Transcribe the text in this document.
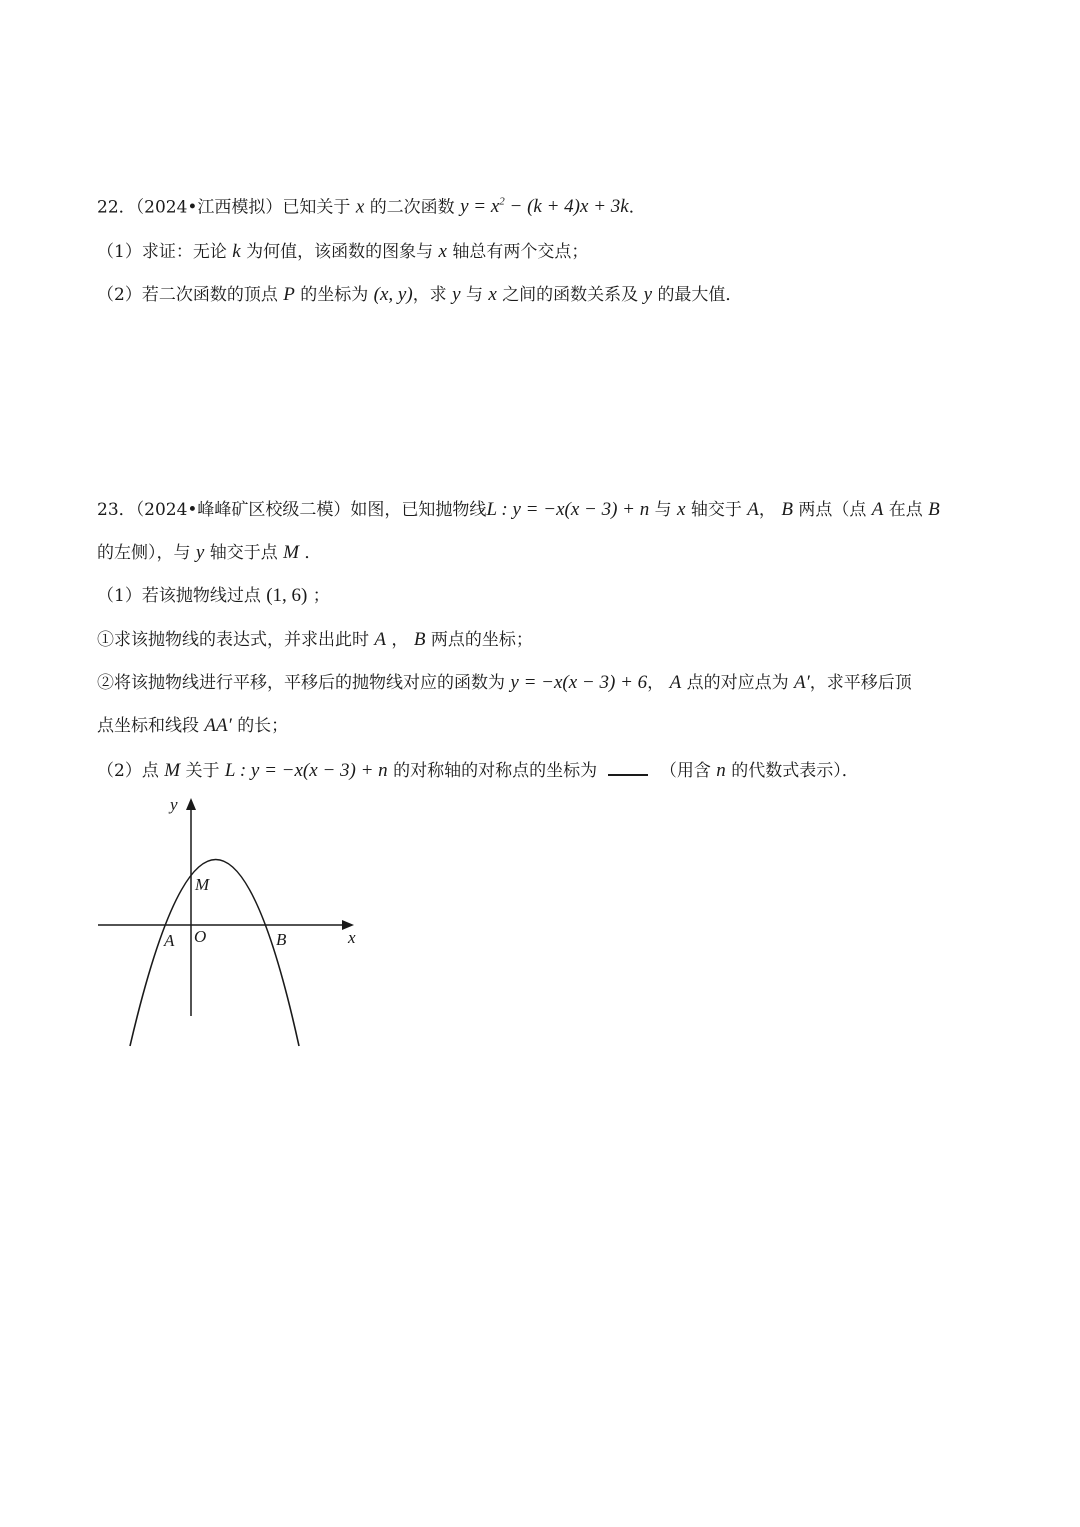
22．（2024•江西模拟）已知关于 x 的二次函数 $y = x^2 - (k + 4)x + 3k$．
（1）求证：无论 k 为何值，该函数的图象与 x 轴总有两个交点；
（2）若二次函数的顶点 P 的坐标为 (x, y)，求 y 与 x 之间的函数关系及 y 的最大值．
23．（2024•峰峰矿区校级二模）如图，已知抛物线L : y = −x(x − 3) + n 与 x 轴交于 A， B 两点（点 A 在点 B
的左侧），与 y 轴交于点 M ．
（1）若该抛物线过点 (1, 6) ；
①求该抛物线的表达式，并求出此时 A ， B 两点的坐标；
②将该抛物线进行平移，平移后的抛物线对应的函数为 y = −x(x − 3) + 6， A 点的对应点为 A′，求平移后顶
点坐标和线段 AA′ 的长；
（2）点 M 关于 L : y = −x(x − 3) + n 的对称轴的对称点的坐标为	（用含 n 的代数式表示）．
y
x
M
A O	B
